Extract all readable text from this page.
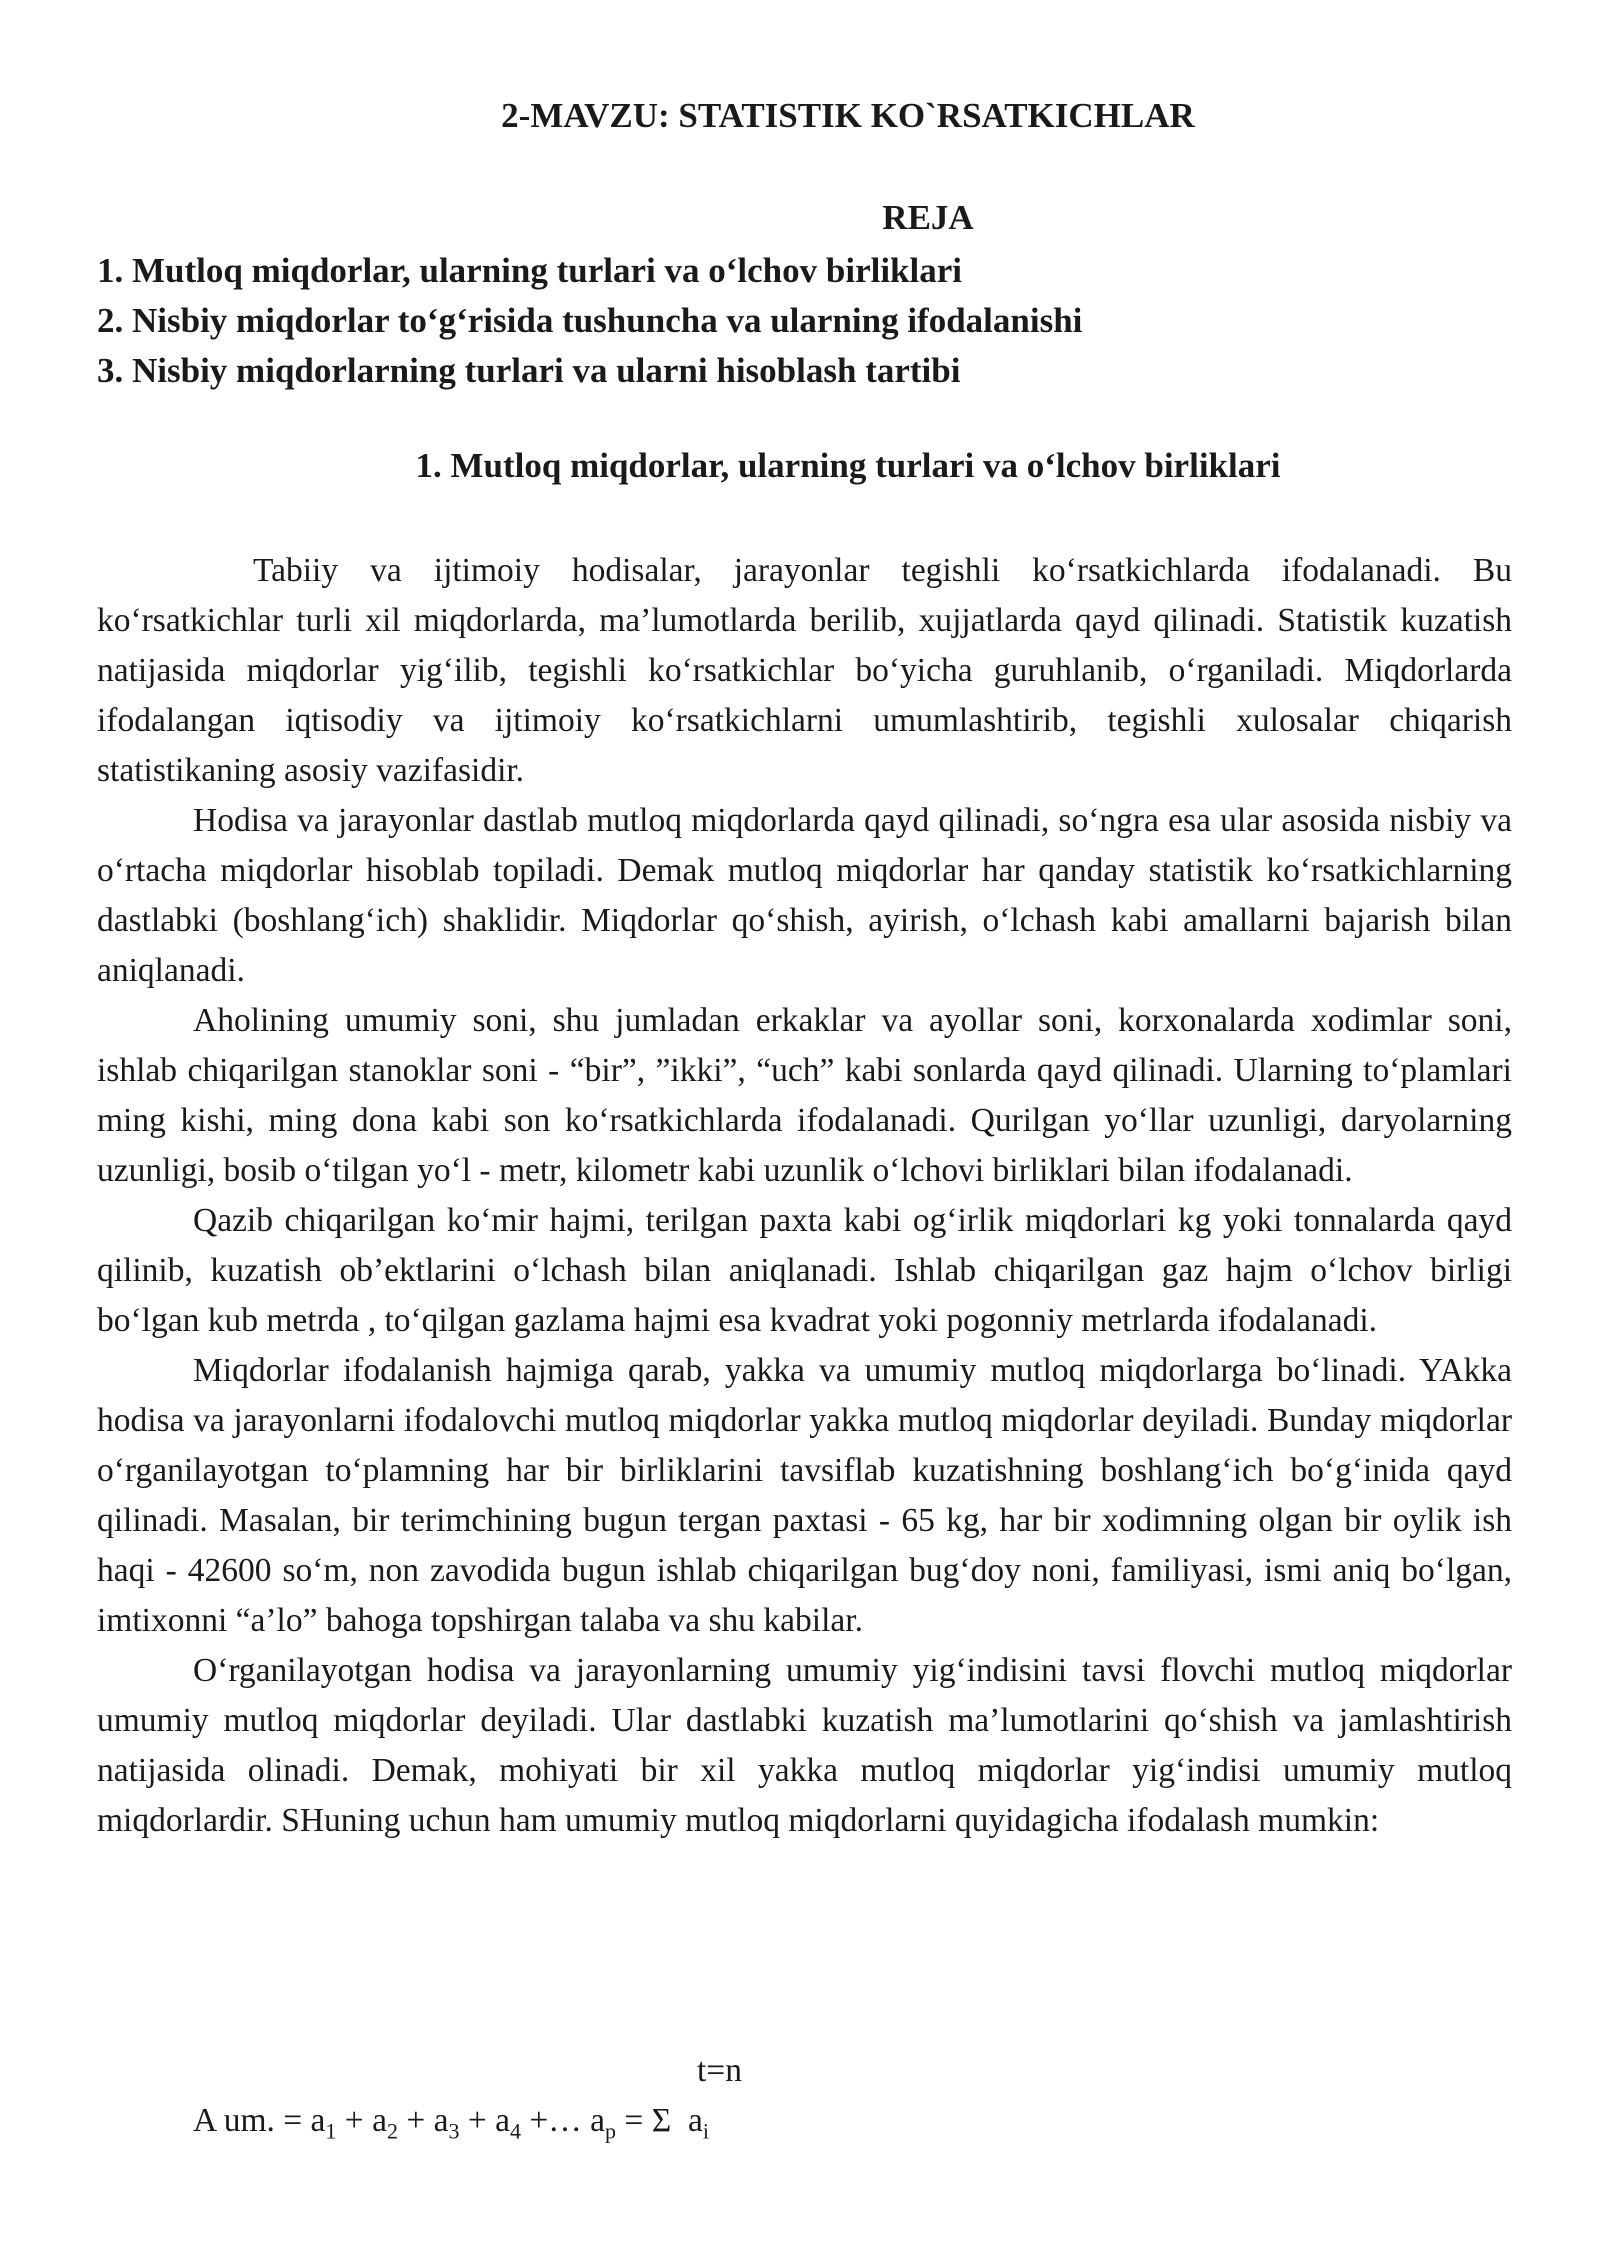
2-MAVZU: STATISTIK KO`RSATKICHLAR
REJA
1. Mutloq miqdorlar, ularning turlari va o‘lchov birliklari
2. Nisbiy miqdorlar to‘g‘risida tushuncha va ularning ifodalanishi
3. Nisbiy miqdorlarning turlari va ularni hisoblash tartibi
1. Mutloq miqdorlar, ularning turlari va o‘lchov birliklari

Tabiiy va ijtimoiy hodisalar, jarayonlar tegishli ko‘rsatkichlarda ifodalanadi. Bu ko‘rsatkichlar turli xil miqdorlarda, ma’lumotlarda berilib, xujjatlarda qayd qilinadi. Statistik kuzatish natijasida miqdorlar yig‘ilib, tegishli ko‘rsatkichlar bo‘yicha guruhlanib, o‘rganiladi. Miqdorlarda ifodalangan iqtisodiy va ijtimoiy ko‘rsatkichlarni umumlashtirib, tegishli xulosalar chiqarish statistikaning asosiy vazifasidir.

Hodisa va jarayonlar dastlab mutloq miqdorlarda qayd qilinadi, so‘ngra esa ular asosida nisbiy va o‘rtacha miqdorlar hisoblab topiladi. Demak mutloq miqdorlar har qanday statistik ko‘rsatkichlarning dastlabki (boshlang‘ich) shaklidir. Miqdorlar qo‘shish, ayirish, o‘lchash kabi amallarni bajarish bilan aniqlanadi.

Aholining umumiy soni, shu jumladan erkaklar va ayollar soni, korxonalarda xodimlar soni, ishlab chiqarilgan stanoklar soni - “bir”, ”ikki”, “uch” kabi sonlarda qayd qilinadi. Ularning to‘plamlari ming kishi, ming dona kabi son ko‘rsatkichlarda ifodalanadi. Qurilgan yo‘llar uzunligi, daryolarning uzunligi, bosib o‘tilgan yo‘l - metr, kilometr kabi uzunlik o‘lchovi birliklari bilan ifodalanadi.

Qazib chiqarilgan ko‘mir hajmi, terilgan paxta kabi og‘irlik miqdorlari kg yoki tonnalarda qayd qilinib, kuzatish ob’ektlarini o‘lchash bilan aniqlanadi. Ishlab chiqarilgan gaz hajm o‘lchov birligi bo‘lgan kub metrda , to‘qilgan gazlama hajmi esa kvadrat yoki pogonniy metrlarda ifodalanadi.

Miqdorlar ifodalanish hajmiga qarab, yakka va umumiy mutloq miqdorlarga bo‘linadi. YAkka hodisa va jarayonlarni ifodalovchi mutloq miqdorlar yakka mutloq miqdorlar deyiladi. Bunday miqdorlar o‘rganilayotgan to‘plamning har bir birliklarini tavsiflab kuzatishning boshlang‘ich bo‘g‘inida qayd qilinadi. Masalan, bir terimchining bugun tergan paxtasi - 65 kg, har bir xodimning olgan bir oylik ish haqi - 42600 so‘m, non zavodida bugun ishlab chiqarilgan bug‘doy noni, familiyasi, ismi aniq bo‘lgan, imtixonni “a’lo” bahoga topshirgan talaba va shu kabilar.

O‘rganilayotgan hodisa va jarayonlarning umumiy yig‘indisini tavsi flovchi mutloq miqdorlar umumiy mutloq miqdorlar deyiladi. Ular dastlabki kuzatish ma’lumotlarini qo‘shish va jamlashtirish natijasida olinadi. Demak, mohiyati bir xil yakka mutloq miqdorlar yig‘indisi umumiy mutloq miqdorlardir. SHuning uchun ham umumiy mutloq miqdorlarni quyidagicha ifodalash mumkin:

t=n
A um. = $a_1 + a_2 + a_3 + a_4$ +… $a_p = \Sigma$ $a_i$
